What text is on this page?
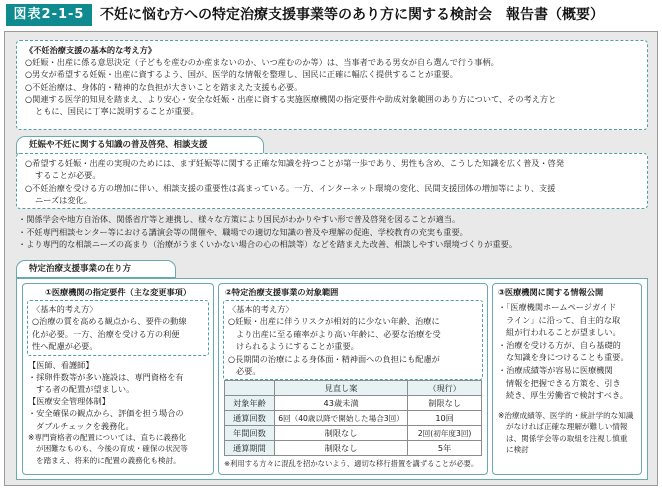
図表2-1-5	不妊に悩む方への特定治療支援事業等のあり方に関する検討会　報告書（概要）
《不妊治療支援の基本的な考え方》
○妊娠・出産に係る意思決定（子どもを産むのか産まないのか、いつ産むのか等）は、当事者である男女が自ら選んで行う事柄。
○男女が希望する妊娠・出産に資するよう、国が、医学的な情報を整理し、国民に正確に幅広く提供することが重要。
○不妊治療は、身体的・精神的な負担が大きいことを踏まえた支援も必要。
○関連する医学的知見を踏まえ、より安心・安全な妊娠・出産に資する実施医療機関の指定要件や助成対象範囲のあり方について、その考え方と
ともに、国民に丁寧に説明することが重要。
妊娠や不妊に関する知識の普及啓発、相談支援
○希望する妊娠・出産の実現のためには、まず妊娠等に関する正確な知識を持つことが第一歩であり、男性も含め、こうした知識を広く普及・啓発
することが必要。
○不妊治療を受ける方の増加に伴い、相談支援の重要性は高まっている。一方、インターネット環境の変化、民間支援団体の増加等により、支援
ニーズは変化。
・関係学会や地方自治体、関係省庁等と連携し、様々な方策により国民がわかりやすい形で普及啓発を図ることが適当。
・不妊専門相談センター等における講演会等の開催や、職場での適切な知識の普及や理解の促進、学校教育の充実も重要。
・より専門的な相談ニーズの高まり（治療がうまくいかない場合の心の相談等）などを踏まえた改善、相談しやすい環境づくりが重要。
特定治療支援事業の在り方
①医療機関の指定要件（主な変更事項）
〈基本的考え方〉
○治療の質を高める観点から、要件の動線
化が必要。一方、治療を受ける方の利便
性へ配慮が必要。
【医師、看護師】
・採卵件数等が多い施設は、専門資格を有
する者の配置が望ましい。
【医療安全管理体制】
・安全確保の観点から、評価を担う場合の
ダブルチェックを義務化。
※専門資格者の配置については、直ちに義務化
が困難なものも、今後の育成・確保の状況等
を踏まえ、将来的に配置の義務化も検討。
②特定治療支援事業の対象範囲
〈基本的考え方〉
○妊娠・出産に伴うリスクが相対的に少ない年齢、治療に
より出産に至る確率がより高い年齢に、必要な治療を受
けられるようにすることが重要。
○長期間の治療による身体面・精神面への負担にも配慮が
必要。
	見直し案	（現行）
対象年齢	43歳未満	制限なし
通算回数	6回（40歳以降で開始した場合3回）	10回
年間回数	制限なし	2回(初年度3回)
通算期間	制限なし	5年
※利用する方々に混乱を招かないよう、適切な移行措置を講ずることが必要。
③医療機関に関する情報公開
・「医療機関ホームページガイド
ライン」に沿って、自主的な取
組が行われることが望ましい。
・治療を受ける方が、自ら基礎的
な知識を身につけることも重要。
・治療成績等が容易に医療機関
情報を把握できる方策を、引き
続き、厚生労働省で検討すべき。
※治療成績等、医学的・統計学的な知識
がなければ正確な理解が難しい情報
は、関係学会等の取組を注視し慎重
に検討
